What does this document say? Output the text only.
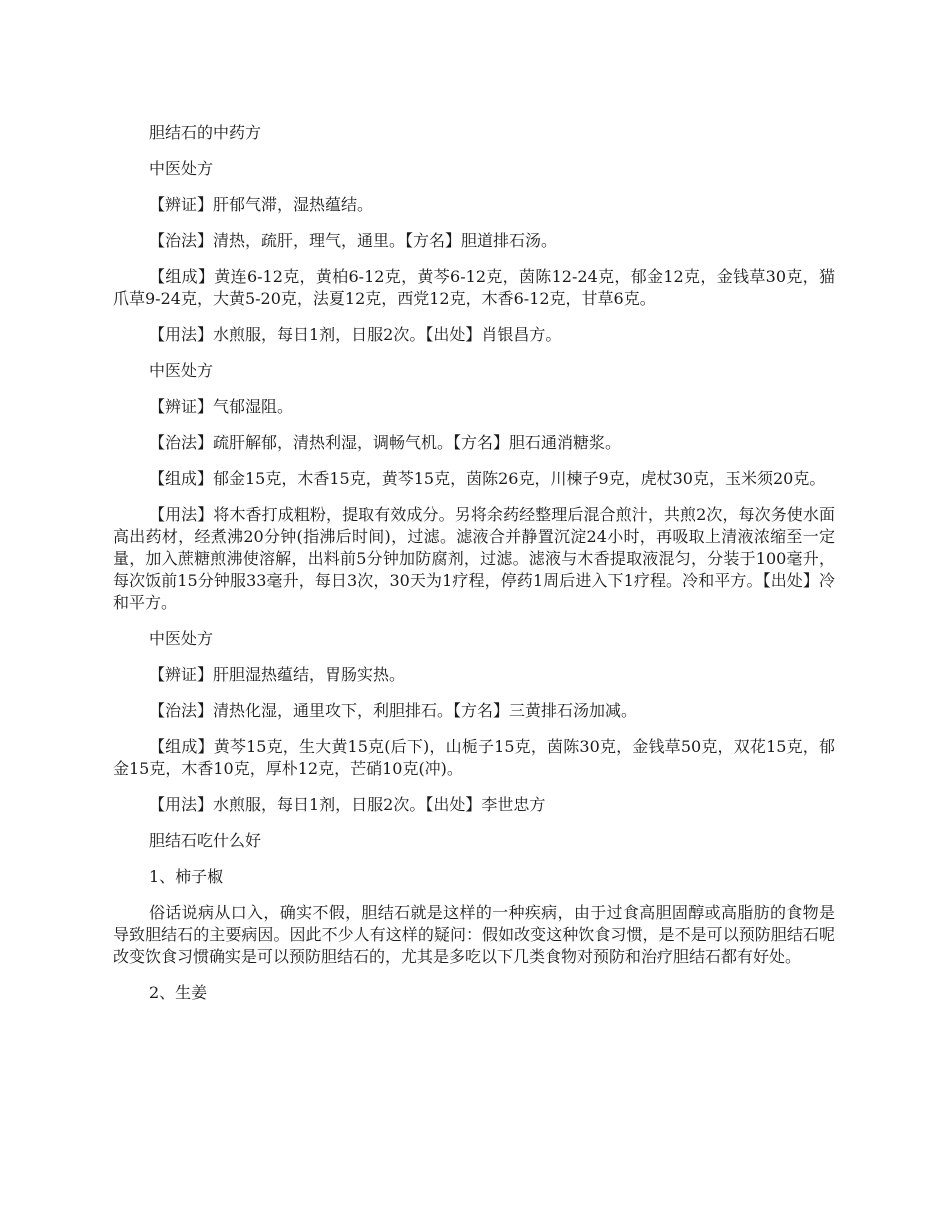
胆结石的中药方

中医处方

【辨证】肝郁气滞，湿热蕴结。

【治法】清热，疏肝，理气，通里。【方名】胆道排石汤。

【组成】黄连6-12克，黄柏6-12克，黄芩6-12克，茵陈12-24克，郁金12克，金钱草30克，猫爪草9-24克，大黄5-20克，法夏12克，西党12克，木香6-12克，甘草6克。

【用法】水煎服，每日1剂，日服2次。【出处】肖银昌方。

中医处方

【辨证】气郁湿阻。

【治法】疏肝解郁，清热利湿，调畅气机。【方名】胆石通消糖浆。

【组成】郁金15克，木香15克，黄芩15克，茵陈26克，川楝子9克，虎杖30克，玉米须20克。

【用法】将木香打成粗粉，提取有效成分。另将余药经整理后混合煎汁，共煎2次，每次务使水面高出药材，经煮沸20分钟(指沸后时间)，过滤。滤液合并静置沉淀24小时，再吸取上清液浓缩至一定量，加入蔗糖煎沸使溶解，出料前5分钟加防腐剂，过滤。滤液与木香提取液混匀，分装于100毫升，每次饭前15分钟服33毫升，每日3次，30天为1疗程，停药1周后进入下1疗程。冷和平方。【出处】冷和平方。

中医处方

【辨证】肝胆湿热蕴结，胃肠实热。

【治法】清热化湿，通里攻下，利胆排石。【方名】三黄排石汤加减。

【组成】黄芩15克，生大黄15克(后下)，山栀子15克，茵陈30克，金钱草50克，双花15克，郁金15克，木香10克，厚朴12克，芒硝10克(冲)。

【用法】水煎服，每日1剂，日服2次。【出处】李世忠方

胆结石吃什么好

1、柿子椒

俗话说病从口入，确实不假，胆结石就是这样的一种疾病，由于过食高胆固醇或高脂肪的食物是导致胆结石的主要病因。因此不少人有这样的疑问：假如改变这种饮食习惯，是不是可以预防胆结石呢改变饮食习惯确实是可以预防胆结石的，尤其是多吃以下几类食物对预防和治疗胆结石都有好处。

2、生姜
